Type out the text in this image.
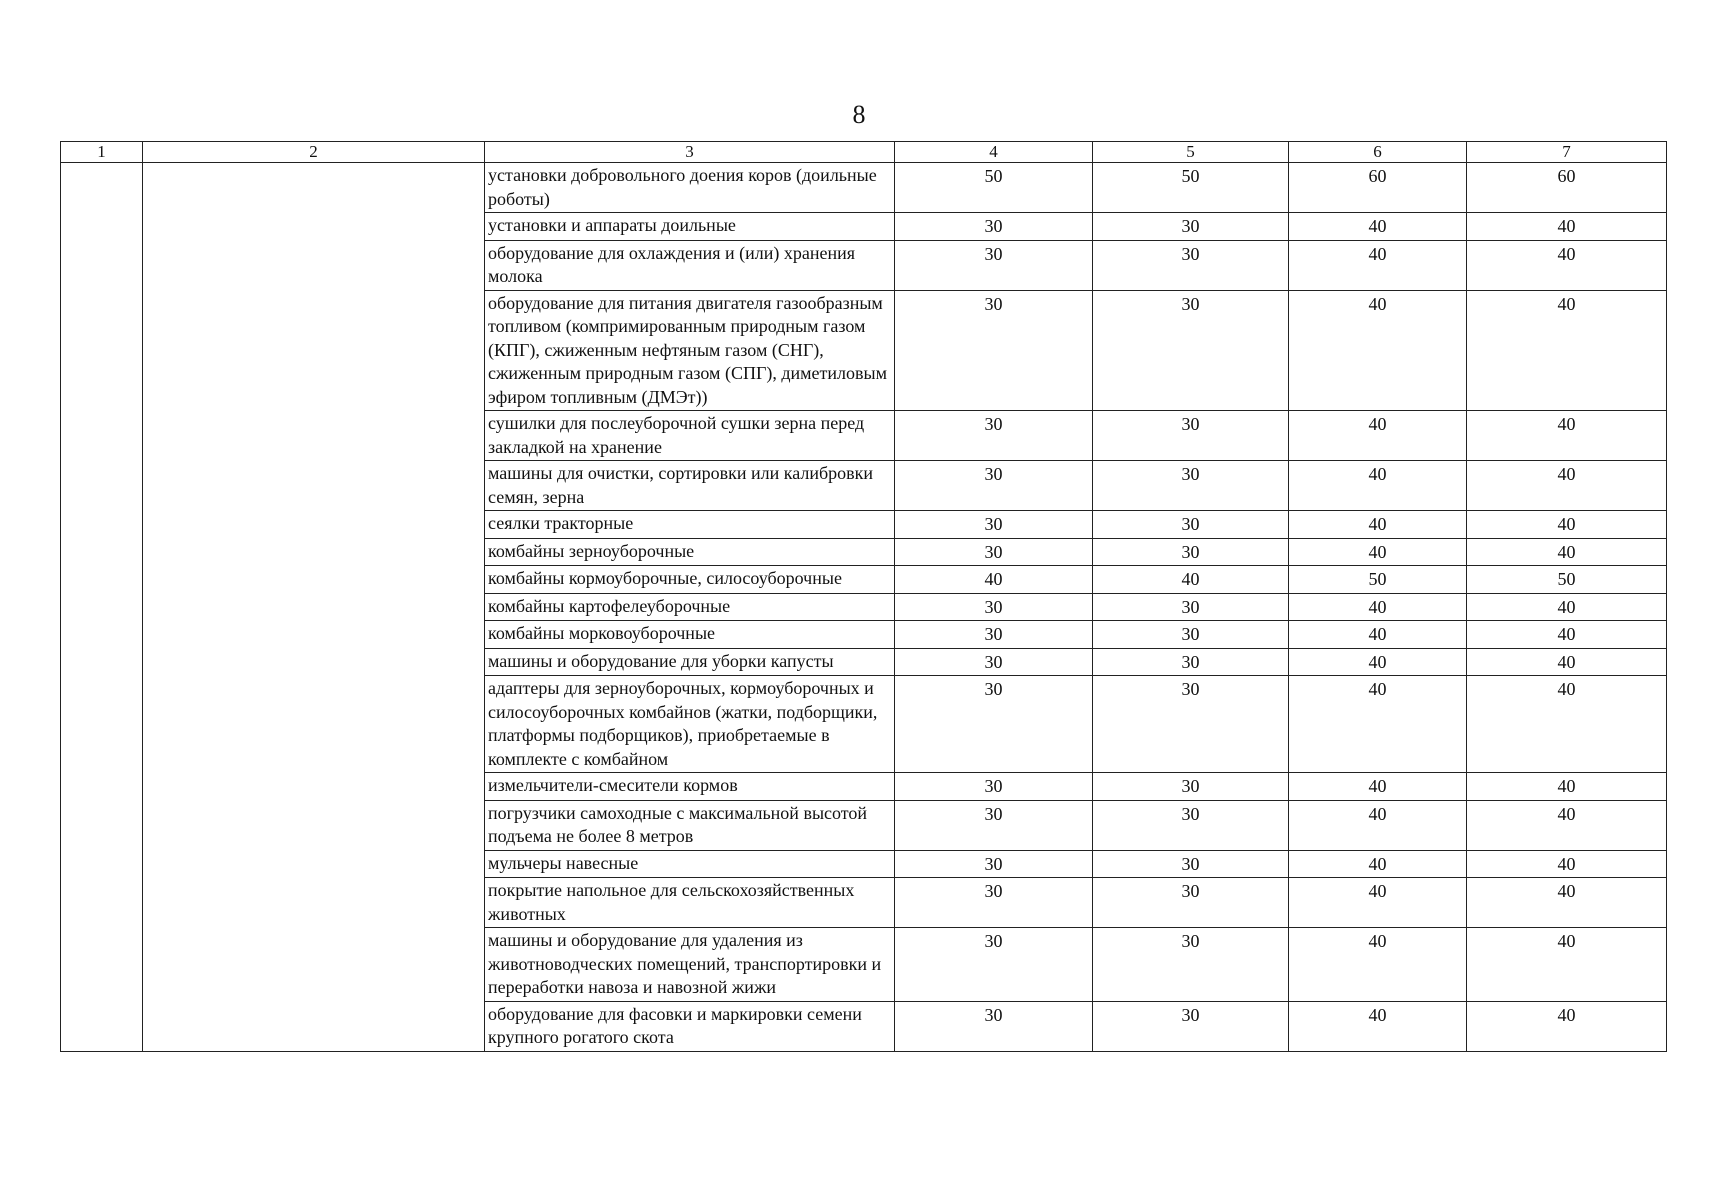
8
1	2	3	4	5	6	7
		установки добровольного доения коров (доильные роботы)	50	50	60	60
		установки и аппараты доильные	30	30	40	40
		оборудование для охлаждения и (или) хранения молока	30	30	40	40
		оборудование для питания двигателя газообразным топливом (компримированным природным газом (КПГ), сжиженным нефтяным газом (СНГ), сжиженным природным газом (СПГ), диметиловым эфиром топливным (ДМЭт))	30	30	40	40
		сушилки для послеуборочной сушки зерна перед закладкой на хранение	30	30	40	40
		машины для очистки, сортировки или калибровки семян, зерна	30	30	40	40
		сеялки тракторные	30	30	40	40
		комбайны зерноуборочные	30	30	40	40
		комбайны кормоуборочные, силосоуборочные	40	40	50	50
		комбайны картофелеуборочные	30	30	40	40
		комбайны морковоуборочные	30	30	40	40
		машины и оборудование для уборки капусты	30	30	40	40
		адаптеры для зерноуборочных, кормоуборочных и силосоуборочных комбайнов (жатки, подборщики, платформы подборщиков), приобретаемые в комплекте с комбайном	30	30	40	40
		измельчители-смесители кормов	30	30	40	40
		погрузчики самоходные с максимальной высотой подъема не более 8 метров	30	30	40	40
		мульчеры навесные	30	30	40	40
		покрытие напольное для сельскохозяйственных животных	30	30	40	40
		машины и оборудование для удаления из животноводческих помещений, транспортировки и переработки навоза и навозной жижи	30	30	40	40
		оборудование для фасовки и маркировки семени крупного рогатого скота	30	30	40	40
